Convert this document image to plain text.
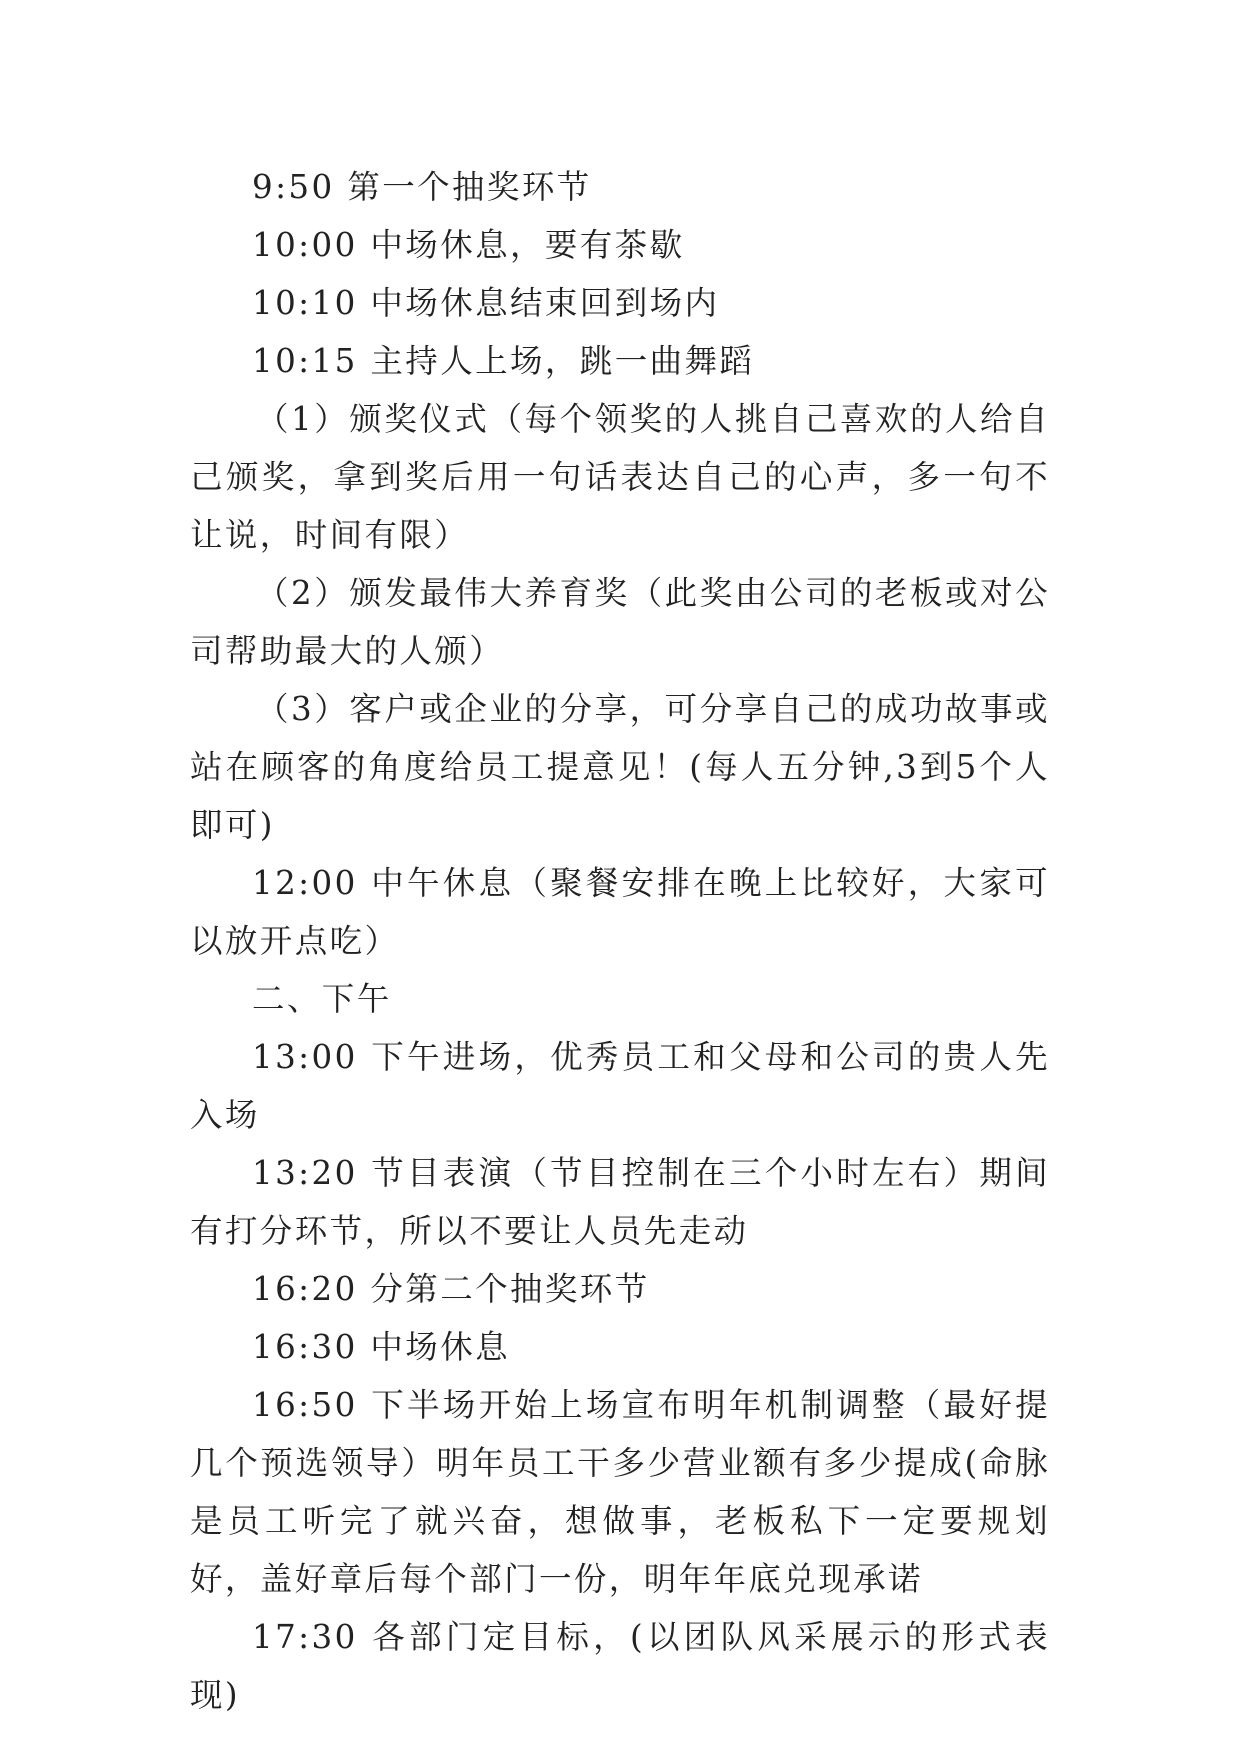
9:50 第一个抽奖环节

10:00 中场休息，要有茶歇

10:10 中场休息结束回到场内

10:15 主持人上场，跳一曲舞蹈

（1）颁奖仪式（每个领奖的人挑自己喜欢的人给自己颁奖，拿到奖后用一句话表达自己的心声，多一句不让说，时间有限）

（2）颁发最伟大养育奖（此奖由公司的老板或对公司帮助最大的人颁）

（3）客户或企业的分享，可分享自己的成功故事或站在顾客的角度给员工提意见！(每人五分钟,3到5个人即可)

12:00 中午休息（聚餐安排在晚上比较好，大家可以放开点吃）

二、下午

13:00 下午进场，优秀员工和父母和公司的贵人先入场

13:20 节目表演（节目控制在三个小时左右）期间有打分环节，所以不要让人员先走动

16:20 分第二个抽奖环节

16:30 中场休息

16:50 下半场开始上场宣布明年机制调整（最好提几个预选领导）明年员工干多少营业额有多少提成(命脉是员工听完了就兴奋，想做事，老板私下一定要规划好，盖好章后每个部门一份，明年年底兑现承诺

17:30 各部门定目标，(以团队风采展示的形式表现)
